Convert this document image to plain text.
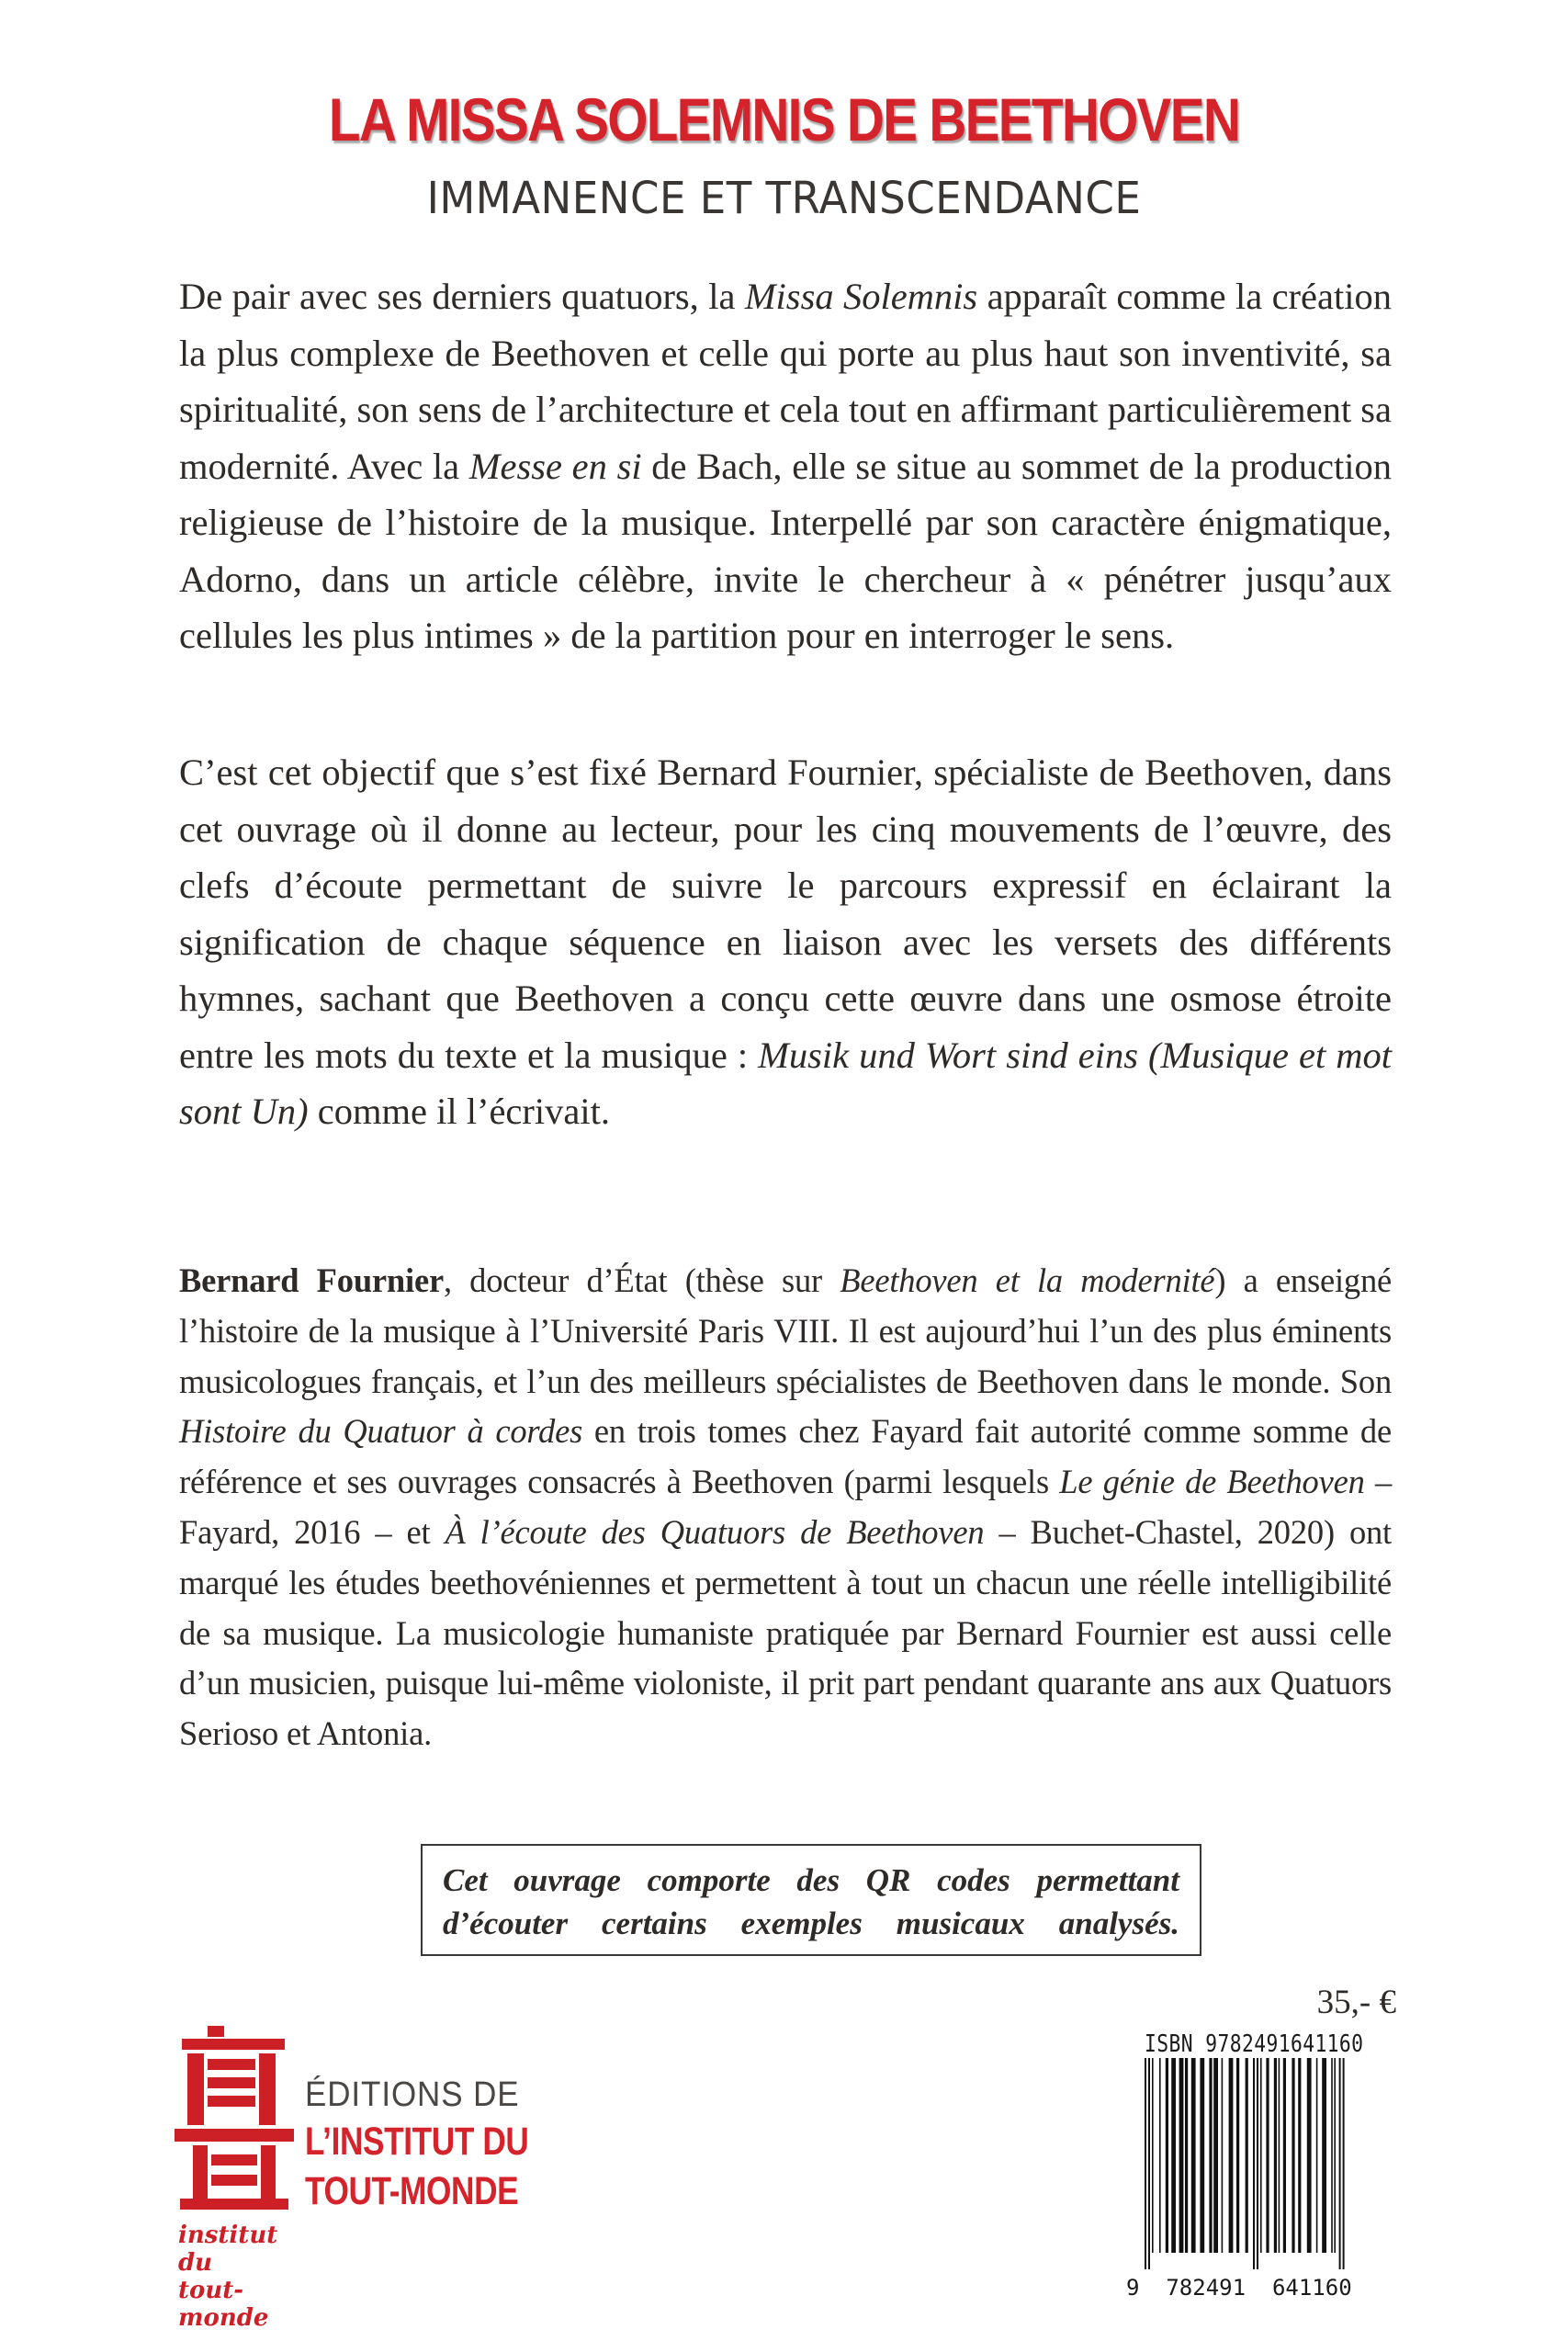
LA MISSA SOLEMNIS DE BEETHOVEN
IMMANENCE ET TRANSCENDANCE

De pair avec ses derniers quatuors, la Missa Solemnis apparaît comme la création la plus complexe de Beethoven et celle qui porte au plus haut son inventivité, sa spiritualité, son sens de l’architecture et cela tout en affirmant particulièrement sa modernité. Avec la Messe en si de Bach, elle se situe au sommet de la production religieuse de l’histoire de la musique. Interpellé par son caractère énigmatique, Adorno, dans un article célèbre, invite le chercheur à « pénétrer jusqu’aux cellules les plus intimes » de la partition pour en interroger le sens.

C’est cet objectif que s’est fixé Bernard Fournier, spécialiste de Beethoven, dans cet ouvrage où il donne au lecteur, pour les cinq mouvements de l’œuvre, des clefs d’écoute permettant de suivre le parcours expressif en éclairant la signification de chaque séquence en liaison avec les versets des différents hymnes, sachant que Beethoven a conçu cette œuvre dans une osmose étroite entre les mots du texte et la musique : Musik und Wort sind eins (Musique et mot sont Un) comme il l’écrivait.

Bernard Fournier, docteur d’État (thèse sur Beethoven et la modernité) a enseigné l’histoire de la musique à l’Université Paris VIII. Il est aujourd’hui l’un des plus éminents musicologues français, et l’un des meilleurs spécialistes de Beethoven dans le monde. Son Histoire du Quatuor à cordes en trois tomes chez Fayard fait autorité comme somme de référence et ses ouvrages consacrés à Beethoven (parmi lesquels Le génie de Beethoven – Fayard, 2016 – et À l’écoute des Quatuors de Beethoven – Buchet-Chastel, 2020) ont marqué les études beethovéniennes et permettent à tout un chacun une réelle intelligibilité de sa musique. La musicologie humaniste pratiquée par Bernard Fournier est aussi celle d’un musicien, puisque lui-même violoniste, il prit part pendant quarante ans aux Quatuors Serioso et Antonia.

Cet ouvrage comporte des QR codes permettant

d’écouter certains exemples musicaux analysés.

35,- €
ISBN 9782491641160
9  782491  641160
institut
du
tout-
monde
ÉDITIONS DE
L’INSTITUT DU
TOUT-MONDE
